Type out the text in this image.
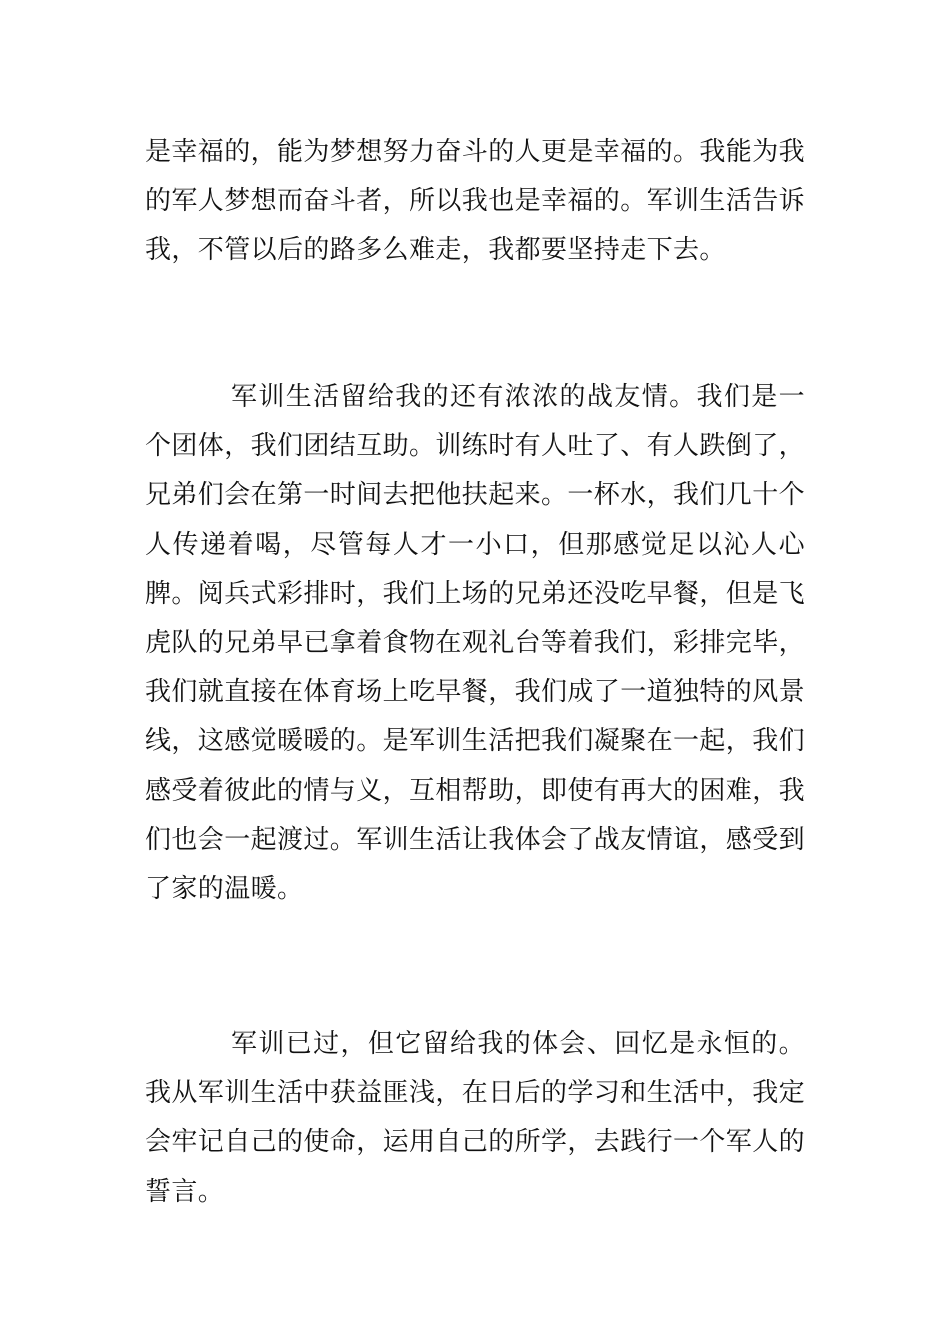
是幸福的，能为梦想努力奋斗的人更是幸福的。我能为我的军人梦想而奋斗者，所以我也是幸福的。军训生活告诉我，不管以后的路多么难走，我都要坚持走下去。

军训生活留给我的还有浓浓的战友情。我们是一个团体，我们团结互助。训练时有人吐了、有人跌倒了，兄弟们会在第一时间去把他扶起来。一杯水，我们几十个人传递着喝，尽管每人才一小口，但那感觉足以沁人心脾。阅兵式彩排时，我们上场的兄弟还没吃早餐，但是飞虎队的兄弟早已拿着食物在观礼台等着我们，彩排完毕，我们就直接在体育场上吃早餐，我们成了一道独特的风景线，这感觉暖暖的。是军训生活把我们凝聚在一起，我们感受着彼此的情与义，互相帮助，即使有再大的困难，我们也会一起渡过。军训生活让我体会了战友情谊，感受到了家的温暖。

军训已过，但它留给我的体会、回忆是永恒的。我从军训生活中获益匪浅，在日后的学习和生活中，我定会牢记自己的使命，运用自己的所学，去践行一个军人的誓言。
